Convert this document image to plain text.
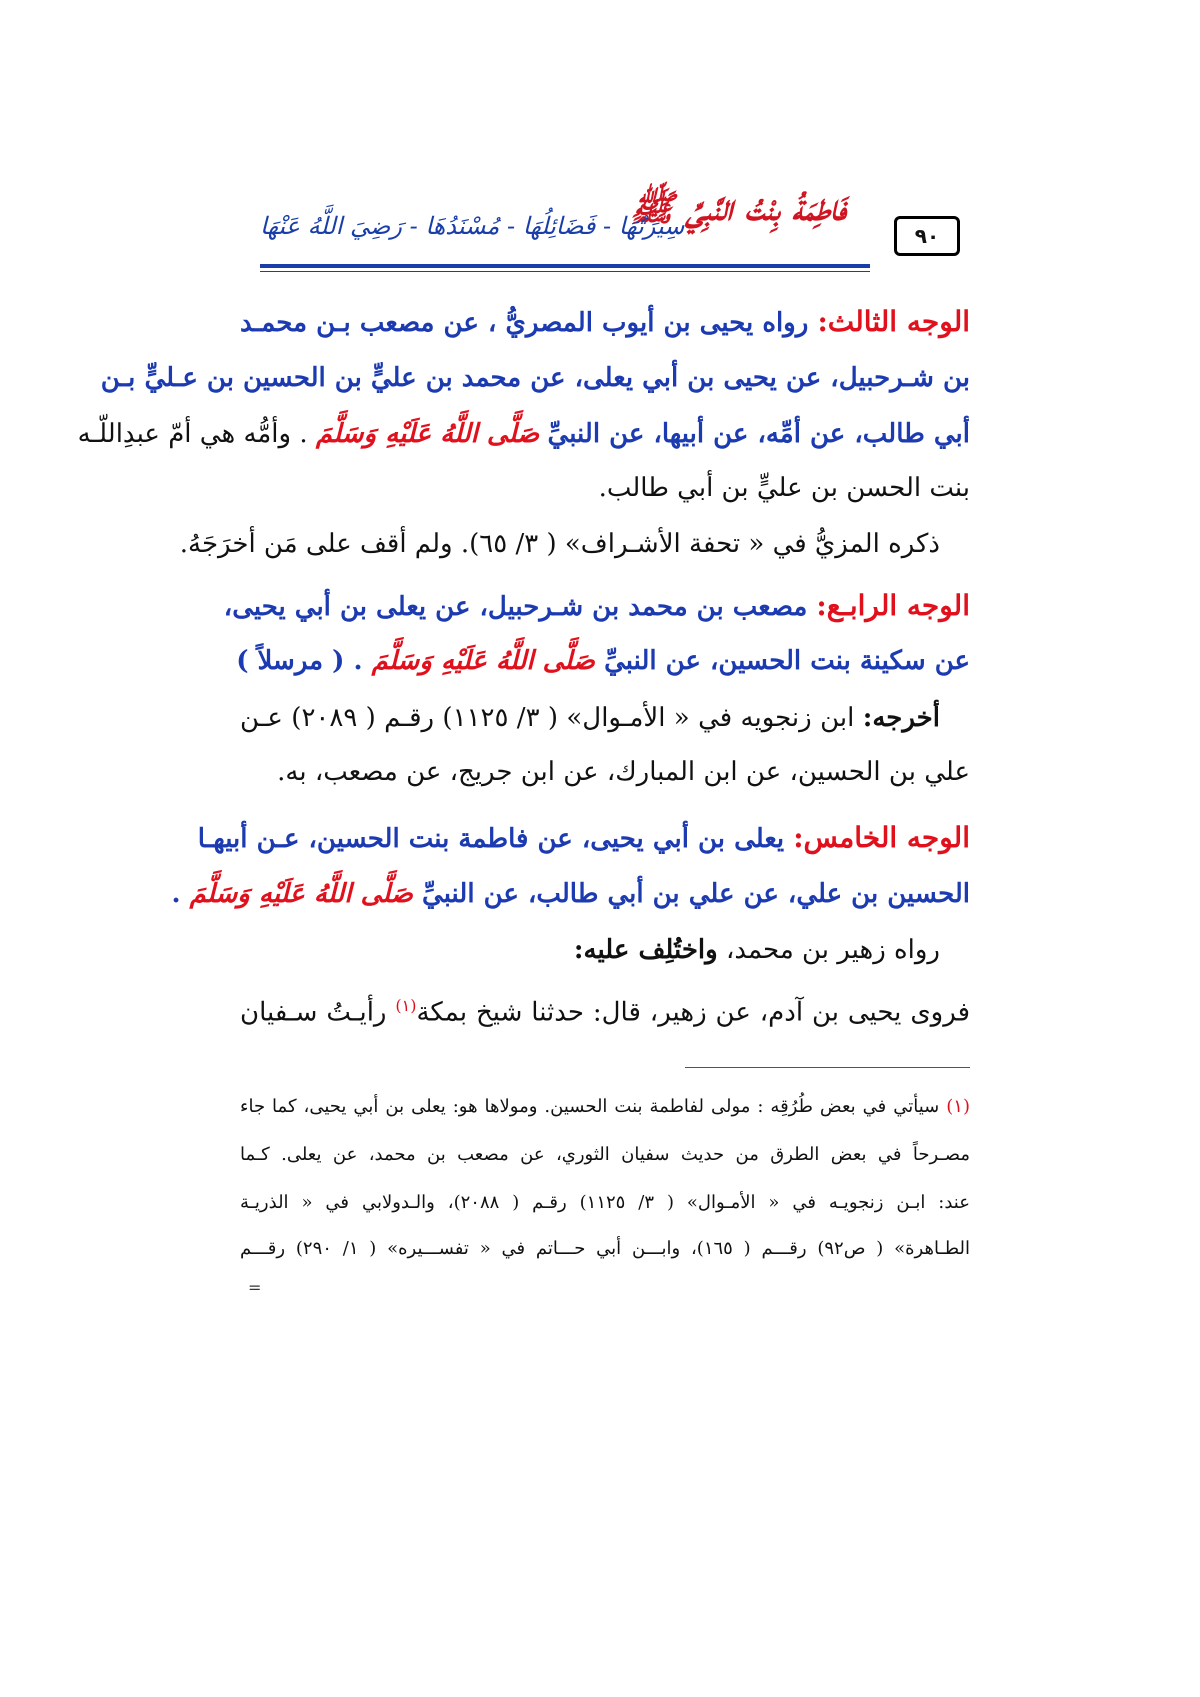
٩٠
فَاطِمَةُ بِنْتُ النَّبِيِّ ﷺ
سِيرَتُهَا - فَضَائِلُهَا - مُسْنَدُهَا - رَضِيَ اللَّهُ عَنْهَا
الوجه الثالث: رواه يحيى بن أيوب المصريُّ ، عن مصعب بـن محمـد
بن شـرحبيل، عن يحيى بن أبي يعلى، عن محمد بن عليٍّ بن الحسين بن عـليٍّ بـن
أبي طالب، عن أمِّه، عن أبيها، عن النبيِّ صَلَّى اللَّهُ عَلَيْهِ وَسَلَّمَ . وأمُّه هي أمّ عبدِاللّـه
بنت الحسن بن عليٍّ بن أبي طالب.
ذكره المزيُّ في « تحفة الأشـراف» ( ٣/ ٦٥). ولم أقف على مَن أخرَجَهُ.
الوجه الرابـع: مصعب بن محمد بن شـرحبيل، عن يعلى بن أبي يحيى،
عن سكينة بنت الحسين، عن النبيِّ صَلَّى اللَّهُ عَلَيْهِ وَسَلَّمَ . ( مرسلاً )
أخرجه: ابن زنجويه في « الأمـوال» ( ٣/ ١١٢٥) رقـم ( ٢٠٨٩) عـن
علي بن الحسين، عن ابن المبارك، عن ابن جريج، عن مصعب، به.
الوجه الخامس: يعلى بن أبي يحيى، عن فاطمة بنت الحسين، عـن أبيهـا
الحسين بن علي، عن علي بن أبي طالب، عن النبيِّ صَلَّى اللَّهُ عَلَيْهِ وَسَلَّمَ .
رواه زهير بن محمد، واختُلِف عليه:
فروى يحيى بن آدم، عن زهير، قال: حدثنا شيخ بمكة$^{(١)}$ رأيـتُ سـفيان
(١) سيأتي في بعض طُرُقِه : مولى لفاطمة بنت الحسين. ومولاها هو: يعلى بن أبي يحيى، كما جاء
مصـرحاً في بعض الطرق من حديث سفيان الثوري، عن مصعب بن محمد، عن يعلى. كـما
عند: ابـن زنجويـه في « الأمـوال» ( ٣/ ١١٢٥) رقـم ( ٢٠٨٨)، والـدولابي في « الذريـة
الطـاهرة» ( ص٩٢) رقـــم ( ١٦٥)، وابـــن أبي حـــاتم في « تفســـيره» ( ١/ ٢٩٠) رقـــم
=
